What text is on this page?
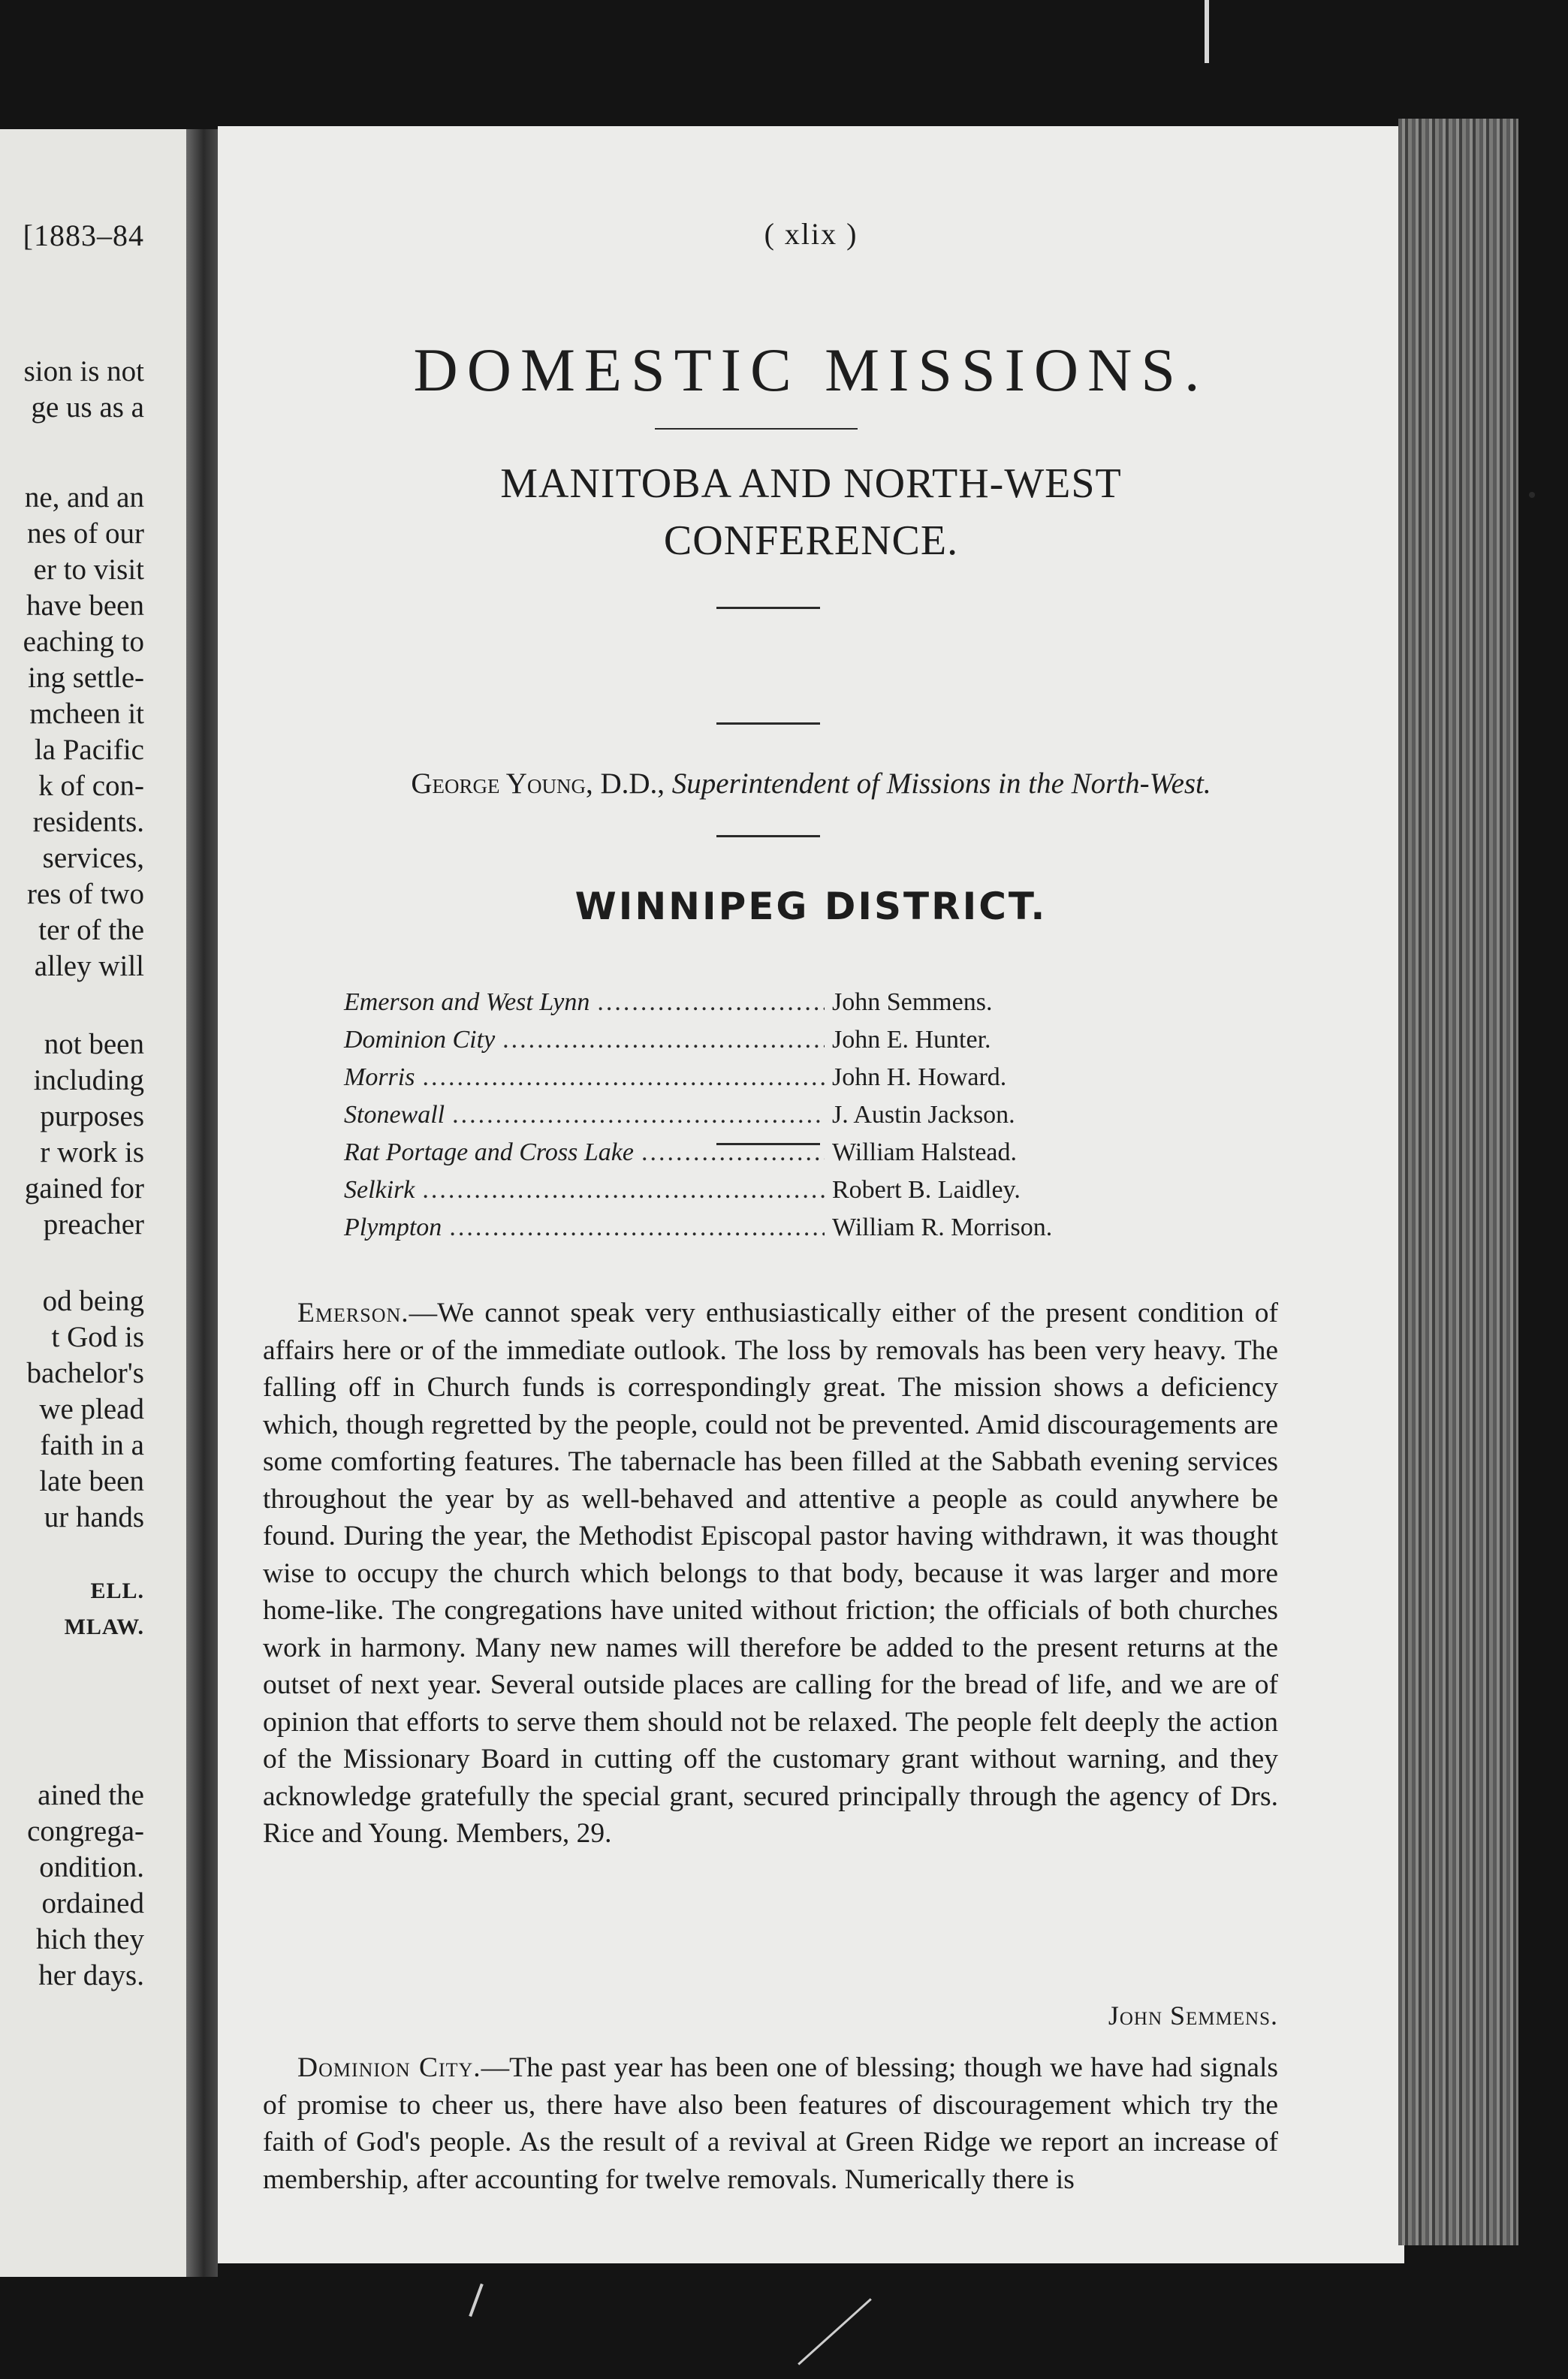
[1883–84
sion is not
ge us as a
ne, and an
nes of our
er to visit
have been
eaching to
ing settle-
mcheen it
la Pacific
k of con-
residents.
services,
res of two
ter of the
alley will
not been
including
purposes
r work is
gained for
preacher
od being
t God is
bachelor's
we plead
faith in a
late been
ur hands
ELL.
MLAW.
ained the
congrega-
ondition.
ordained
hich they
her days.
( xlix )
DOMESTIC MISSIONS.
MANITOBA AND NORTH-WEST
CONFERENCE.
George Young, D.D., Superintendent of Missions in the North-West.
WINNIPEG DISTRICT.
Emerson and West Lynn .....	John Semmens.
Dominion City .....	John E. Hunter.
Morris .....	John H. Howard.
Stonewall .....	J. Austin Jackson.
Rat Portage and Cross Lake .....	William Halstead.
Selkirk .....	Robert B. Laidley.
Plympton .....	William R. Morrison.

Emerson.—We cannot speak very enthusiastically either of the present condition of affairs here or of the immediate outlook. The loss by removals has been very heavy. The falling off in Church funds is correspondingly great. The mission shows a deficiency which, though regretted by the people, could not be prevented. Amid discouragements are some comforting features. The tabernacle has been filled at the Sabbath evening services throughout the year by as well-behaved and attentive a people as could anywhere be found. During the year, the Methodist Episcopal pastor having withdrawn, it was thought wise to occupy the church which belongs to that body, because it was larger and more home-like. The congregations have united without friction; the officials of both churches work in harmony. Many new names will therefore be added to the present returns at the outset of next year. Several outside places are calling for the bread of life, and we are of opinion that efforts to serve them should not be relaxed. The people felt deeply the action of the Missionary Board in cutting off the customary grant without warning, and they acknowledge gratefully the special grant, secured principally through the agency of Drs. Rice and Young. Members, 29.

John Semmens.

Dominion City.—The past year has been one of blessing; though we have had signals of promise to cheer us, there have also been features of discouragement which try the faith of God's people. As the result of a revival at Green Ridge we report an increase of membership, after accounting for twelve removals. Numerically there is
